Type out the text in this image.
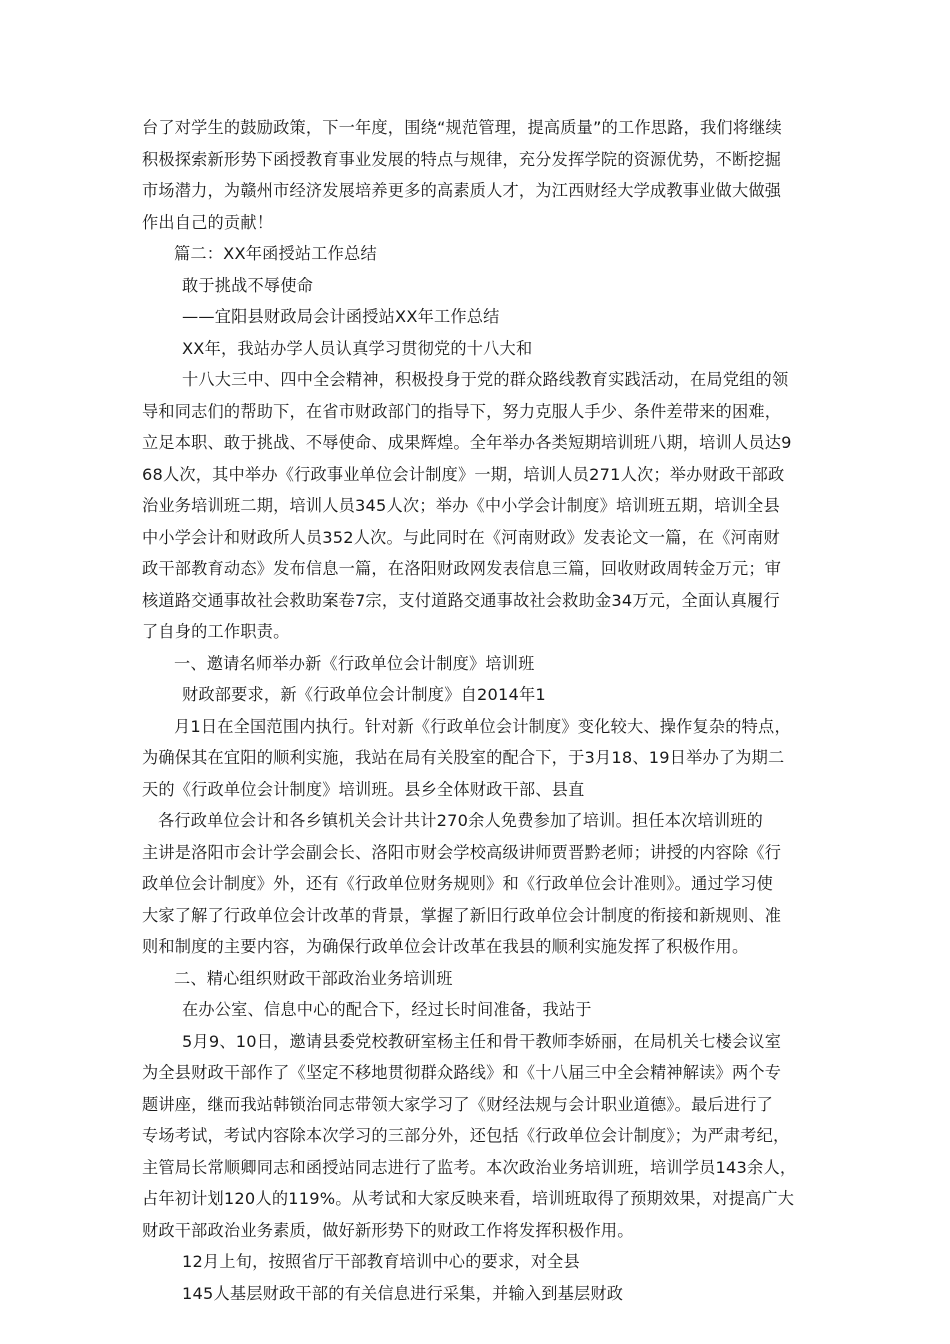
台了对学生的鼓励政策，下一年度，围绕“规范管理，提高质量”的工作思路，我们将继续
积极探索新形势下函授教育事业发展的特点与规律，充分发挥学院的资源优势，不断挖掘
市场潜力，为赣州市经济发展培养更多的高素质人才，为江西财经大学成教事业做大做强
作出自己的贡献！
篇二：XX年函授站工作总结
敢于挑战不辱使命
——宜阳县财政局会计函授站XX年工作总结
XX年，我站办学人员认真学习贯彻党的十八大和
十八大三中、四中全会精神，积极投身于党的群众路线教育实践活动，在局党组的领
导和同志们的帮助下，在省市财政部门的指导下，努力克服人手少、条件差带来的困难，
立足本职、敢于挑战、不辱使命、成果辉煌。全年举办各类短期培训班八期，培训人员达9
68人次，其中举办《行政事业单位会计制度》一期，培训人员271人次；举办财政干部政
治业务培训班二期，培训人员345人次；举办《中小学会计制度》培训班五期，培训全县
中小学会计和财政所人员352人次。与此同时在《河南财政》发表论文一篇，在《河南财
政干部教育动态》发布信息一篇，在洛阳财政网发表信息三篇，回收财政周转金万元；审
核道路交通事故社会救助案卷7宗，支付道路交通事故社会救助金34万元，全面认真履行
了自身的工作职责。
一、邀请名师举办新《行政单位会计制度》培训班
财政部要求，新《行政单位会计制度》自2014年1
月1日在全国范围内执行。针对新《行政单位会计制度》变化较大、操作复杂的特点，
为确保其在宜阳的顺利实施，我站在局有关股室的配合下，于3月18、19日举办了为期二
天的《行政单位会计制度》培训班。县乡全体财政干部、县直
各行政单位会计和各乡镇机关会计共计270余人免费参加了培训。担任本次培训班的
主讲是洛阳市会计学会副会长、洛阳市财会学校高级讲师贾晋黔老师；讲授的内容除《行
政单位会计制度》外，还有《行政单位财务规则》和《行政单位会计准则》。通过学习使
大家了解了行政单位会计改革的背景，掌握了新旧行政单位会计制度的衔接和新规则、准
则和制度的主要内容，为确保行政单位会计改革在我县的顺利实施发挥了积极作用。
二、精心组织财政干部政治业务培训班
在办公室、信息中心的配合下，经过长时间准备，我站于
5月9、10日，邀请县委党校教研室杨主任和骨干教师李娇丽，在局机关七楼会议室
为全县财政干部作了《坚定不移地贯彻群众路线》和《十八届三中全会精神解读》两个专
题讲座，继而我站韩锁治同志带领大家学习了《财经法规与会计职业道德》。最后进行了
专场考试，考试内容除本次学习的三部分外，还包括《行政单位会计制度》；为严肃考纪，
主管局长常顺卿同志和函授站同志进行了监考。本次政治业务培训班，培训学员143余人，
占年初计划120人的119%。从考试和大家反映来看，培训班取得了预期效果，对提高广大
财政干部政治业务素质，做好新形势下的财政工作将发挥积极作用。
12月上旬，按照省厅干部教育培训中心的要求，对全县
145人基层财政干部的有关信息进行采集，并输入到基层财政
